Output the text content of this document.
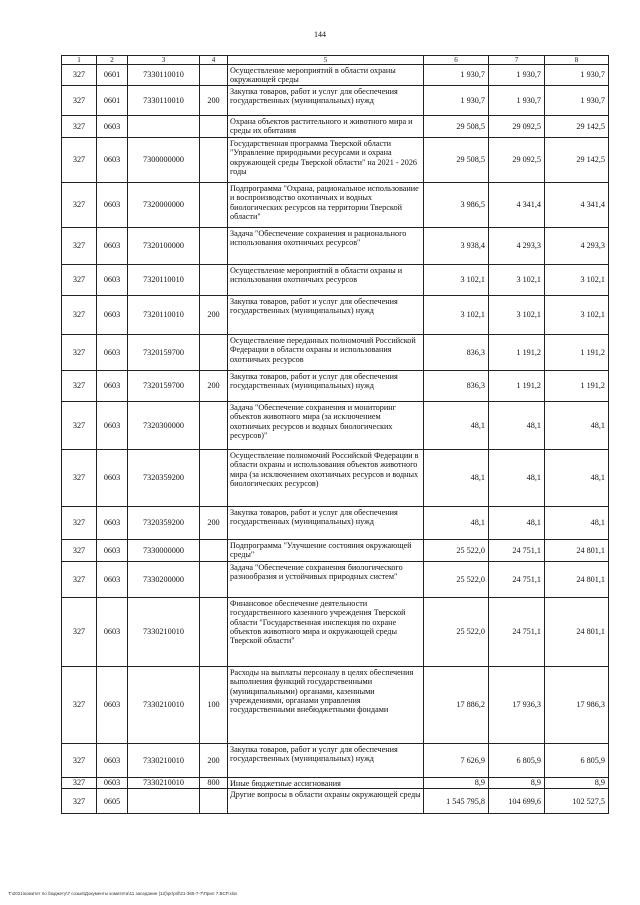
144
1	2	3	4	5	6	7	8
327	0601	7330110010		Осуществление мероприятий в области охраны окружающей среды	1 930,7	1 930,7	1 930,7
327	0601	7330110010	200	Закупка товаров, работ и услуг для обеспечения государственных (муниципальных) нужд	1 930,7	1 930,7	1 930,7
327	0603			Охрана объектов растительного и животного мира и среды их обитания	29 508,5	29 092,5	29 142,5
327	0603	7300000000		Государственная программа Тверской области "Управление природными ресурсами и охрана окружающей среды Тверской области" на 2021 - 2026 годы	29 508,5	29 092,5	29 142,5
327	0603	7320000000		Подпрограмма "Охрана, рациональное использование и воспроизводство охотничьих и водных биологических ресурсов на территории Тверской области"	3 986,5	4 341,4	4 341,4
327	0603	7320100000		Задача "Обеспечение сохранения и рационального использования охотничьих ресурсов"	3 938,4	4 293,3	4 293,3
327	0603	7320110010		Осуществление мероприятий в области охраны и использования охотничьих ресурсов	3 102,1	3 102,1	3 102,1
327	0603	7320110010	200	Закупка товаров, работ и услуг для обеспечения государственных (муниципальных) нужд	3 102,1	3 102,1	3 102,1
327	0603	7320159700		Осуществление переданных полномочий Российской Федерации в области охраны и использования охотничьих ресурсов	836,3	1 191,2	1 191,2
327	0603	7320159700	200	Закупка товаров, работ и услуг для обеспечения государственных (муниципальных) нужд	836,3	1 191,2	1 191,2
327	0603	7320300000		Задача "Обеспечение сохранения и мониторинг объектов животного мира (за исключением охотничьих ресурсов и водных биологических ресурсов)"	48,1	48,1	48,1
327	0603	7320359200		Осуществление полномочий Российской Федерации в области охраны и использования объектов животного мира (за исключением охотничьих ресурсов и водных биологических ресурсов)	48,1	48,1	48,1
327	0603	7320359200	200	Закупка товаров, работ и услуг для обеспечения государственных (муниципальных) нужд	48,1	48,1	48,1
327	0603	7330000000		Подпрограмма "Улучшение состояния окружающей среды"	25 522,0	24 751,1	24 801,1
327	0603	7330200000		Задача "Обеспечение сохранения биологического разнообразия и устойчивых природных систем"	25 522,0	24 751,1	24 801,1
327	0603	7330210010		Финансовое обеспечение деятельности государственного казенного учреждения Тверской области "Государственная инспекция по охране объектов животного мира и окружающей среды Тверской области"	25 522,0	24 751,1	24 801,1
327	0603	7330210010	100	Расходы на выплаты персоналу в целях обеспечения выполнения функций государственными (муниципальными) органами, казенными учреждениями, органами управления государственными внебюджетными фондами	17 886,2	17 936,3	17 986,3
327	0603	7330210010	200	Закупка товаров, работ и услуг для обеспечения государственных (муниципальных) нужд	7 626,9	6 805,9	6 805,9
327	0603	7330210010	800	Иные бюджетные ассигнования	8,9	8,9	8,9
327	0605			Другие вопросы в области охраны окружающей среды	1 545 795,8	104 699,6	102 527,5
T:\2021\комитет по бюджету\7 созыв\Документы комитета\11 заседание (12)\pr\pril\21-365-7-7\Прил 7.BCP.xlsx
